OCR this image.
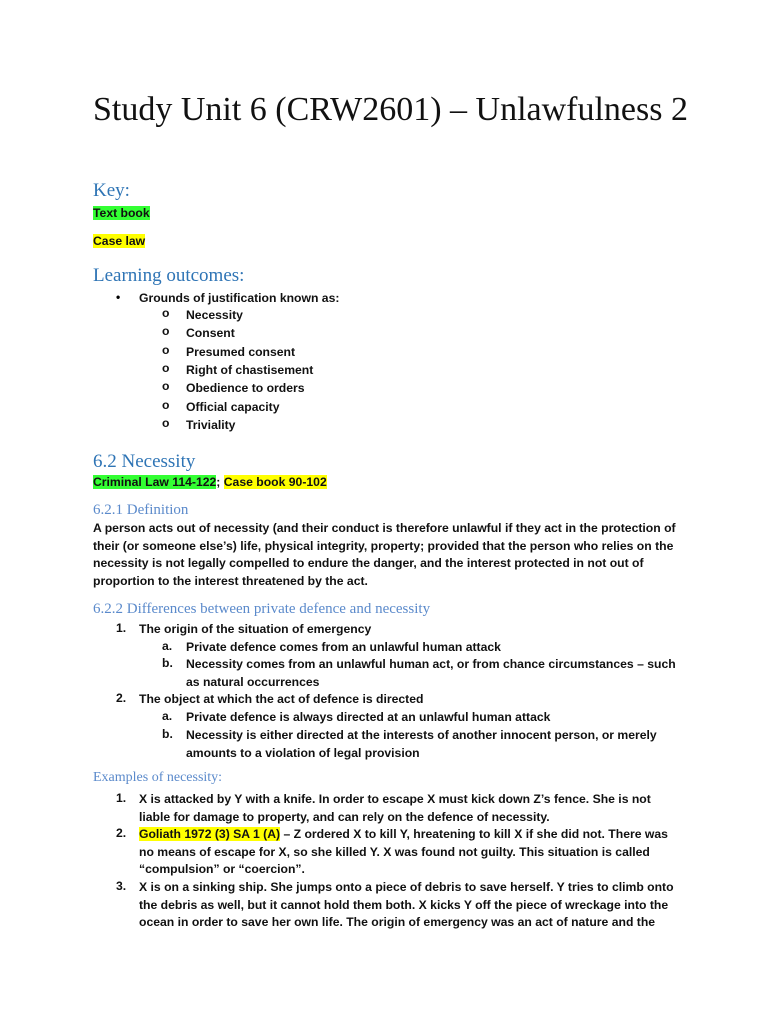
Study Unit 6 (CRW2601) – Unlawfulness 2
Key:
Text book
Case law
Learning outcomes:
• Grounds of justification known as:
o Necessity
o Consent
o Presumed consent
o Right of chastisement
o Obedience to orders
o Official capacity
o Triviality
6.2 Necessity
Criminal Law 114-122; Case book 90-102
6.2.1 Definition
A person acts out of necessity (and their conduct is therefore unlawful if they act in the protection of their (or someone else’s) life, physical integrity, property; provided that the person who relies on the necessity is not legally compelled to endure the danger, and the interest protected in not out of proportion to the interest threatened by the act.
6.2.2 Differences between private defence and necessity
1. The origin of the situation of emergency
a. Private defence comes from an unlawful human attack
b. Necessity comes from an unlawful human act, or from chance circumstances – such as natural occurrences
2. The object at which the act of defence is directed
a. Private defence is always directed at an unlawful human attack
b. Necessity is either directed at the interests of another innocent person, or merely amounts to a violation of legal provision
Examples of necessity:
1. X is attacked by Y with a knife. In order to escape X must kick down Z’s fence. She is not liable for damage to property, and can rely on the defence of necessity.
2. Goliath 1972 (3) SA 1 (A) – Z ordered X to kill Y, hreatening to kill X if she did not. There was no means of escape for X, so she killed Y. X was found not guilty. This situation is called “compulsion” or “coercion”.
3. X is on a sinking ship. She jumps onto a piece of debris to save herself. Y tries to climb onto the debris as well, but it cannot hold them both. X kicks Y off the piece of wreckage into the ocean in order to save her own life. The origin of emergency was an act of nature and the
